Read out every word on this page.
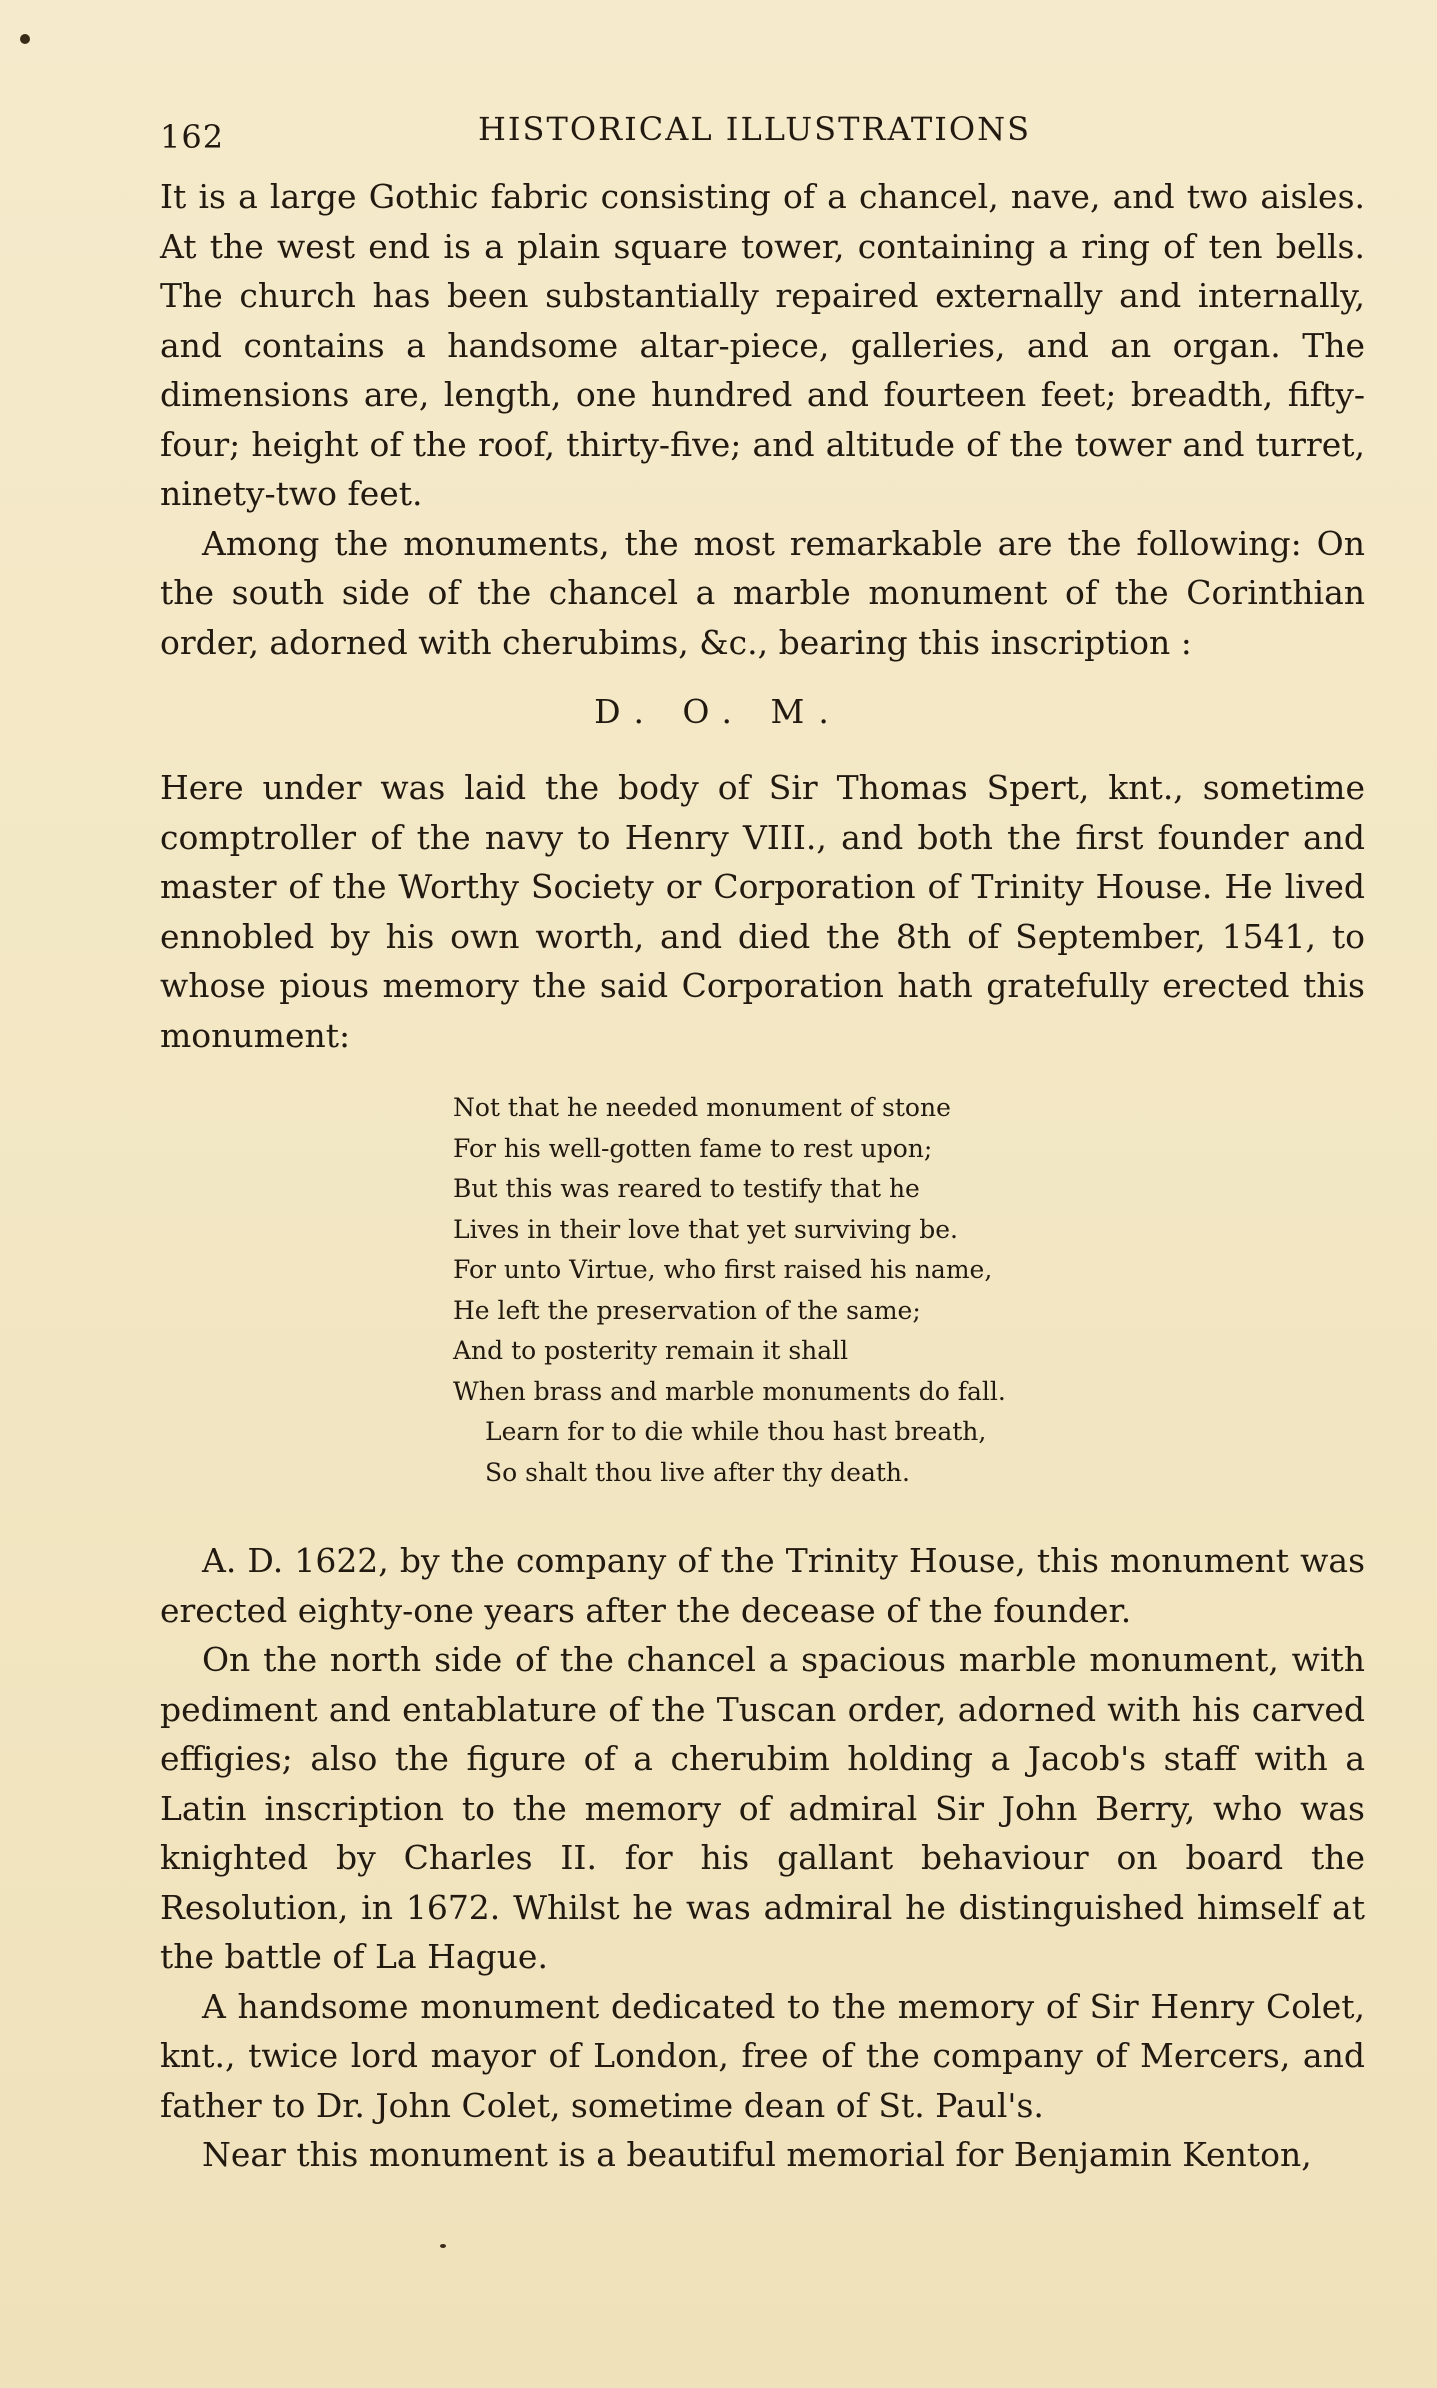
162	HISTORICAL ILLUSTRATIONS

It is a large Gothic fabric consisting of a chancel, nave, and two aisles. At the west end is a plain square tower, containing a ring of ten bells. The church has been substantially repaired externally and internally, and contains a handsome altar-piece, galleries, and an organ. The dimensions are, length, one hundred and fourteen feet; breadth, fifty-four; height of the roof, thirty-five; and altitude of the tower and turret, ninety-two feet.

Among the monuments, the most remarkable are the following: On the south side of the chancel a marble monument of the Corinthian order, adorned with cherubims, &c., bearing this inscription :

D. O. M.

Here under was laid the body of Sir Thomas Spert, knt., sometime comptroller of the navy to Henry VIII., and both the first founder and master of the Worthy Society or Corporation of Trinity House. He lived ennobled by his own worth, and died the 8th of September, 1541, to whose pious memory the said Corporation hath gratefully erected this monument:

Not that he needed monument of stone
For his well-gotten fame to rest upon;
But this was reared to testify that he
Lives in their love that yet surviving be.
For unto Virtue, who first raised his name,
He left the preservation of the same;
And to posterity remain it shall
When brass and marble monuments do fall.
Learn for to die while thou hast breath,
So shalt thou live after thy death.

A. D. 1622, by the company of the Trinity House, this monument was erected eighty-one years after the decease of the founder.

On the north side of the chancel a spacious marble monument, with pediment and entablature of the Tuscan order, adorned with his carved effigies; also the figure of a cherubim holding a Jacob's staff with a Latin inscription to the memory of admiral Sir John Berry, who was knighted by Charles II. for his gallant behaviour on board the Resolution, in 1672. Whilst he was admiral he distinguished himself at the battle of La Hague.

A handsome monument dedicated to the memory of Sir Henry Colet, knt., twice lord mayor of London, free of the company of Mercers, and father to Dr. John Colet, sometime dean of St. Paul's.

Near this monument is a beautiful memorial for Benjamin Kenton,
